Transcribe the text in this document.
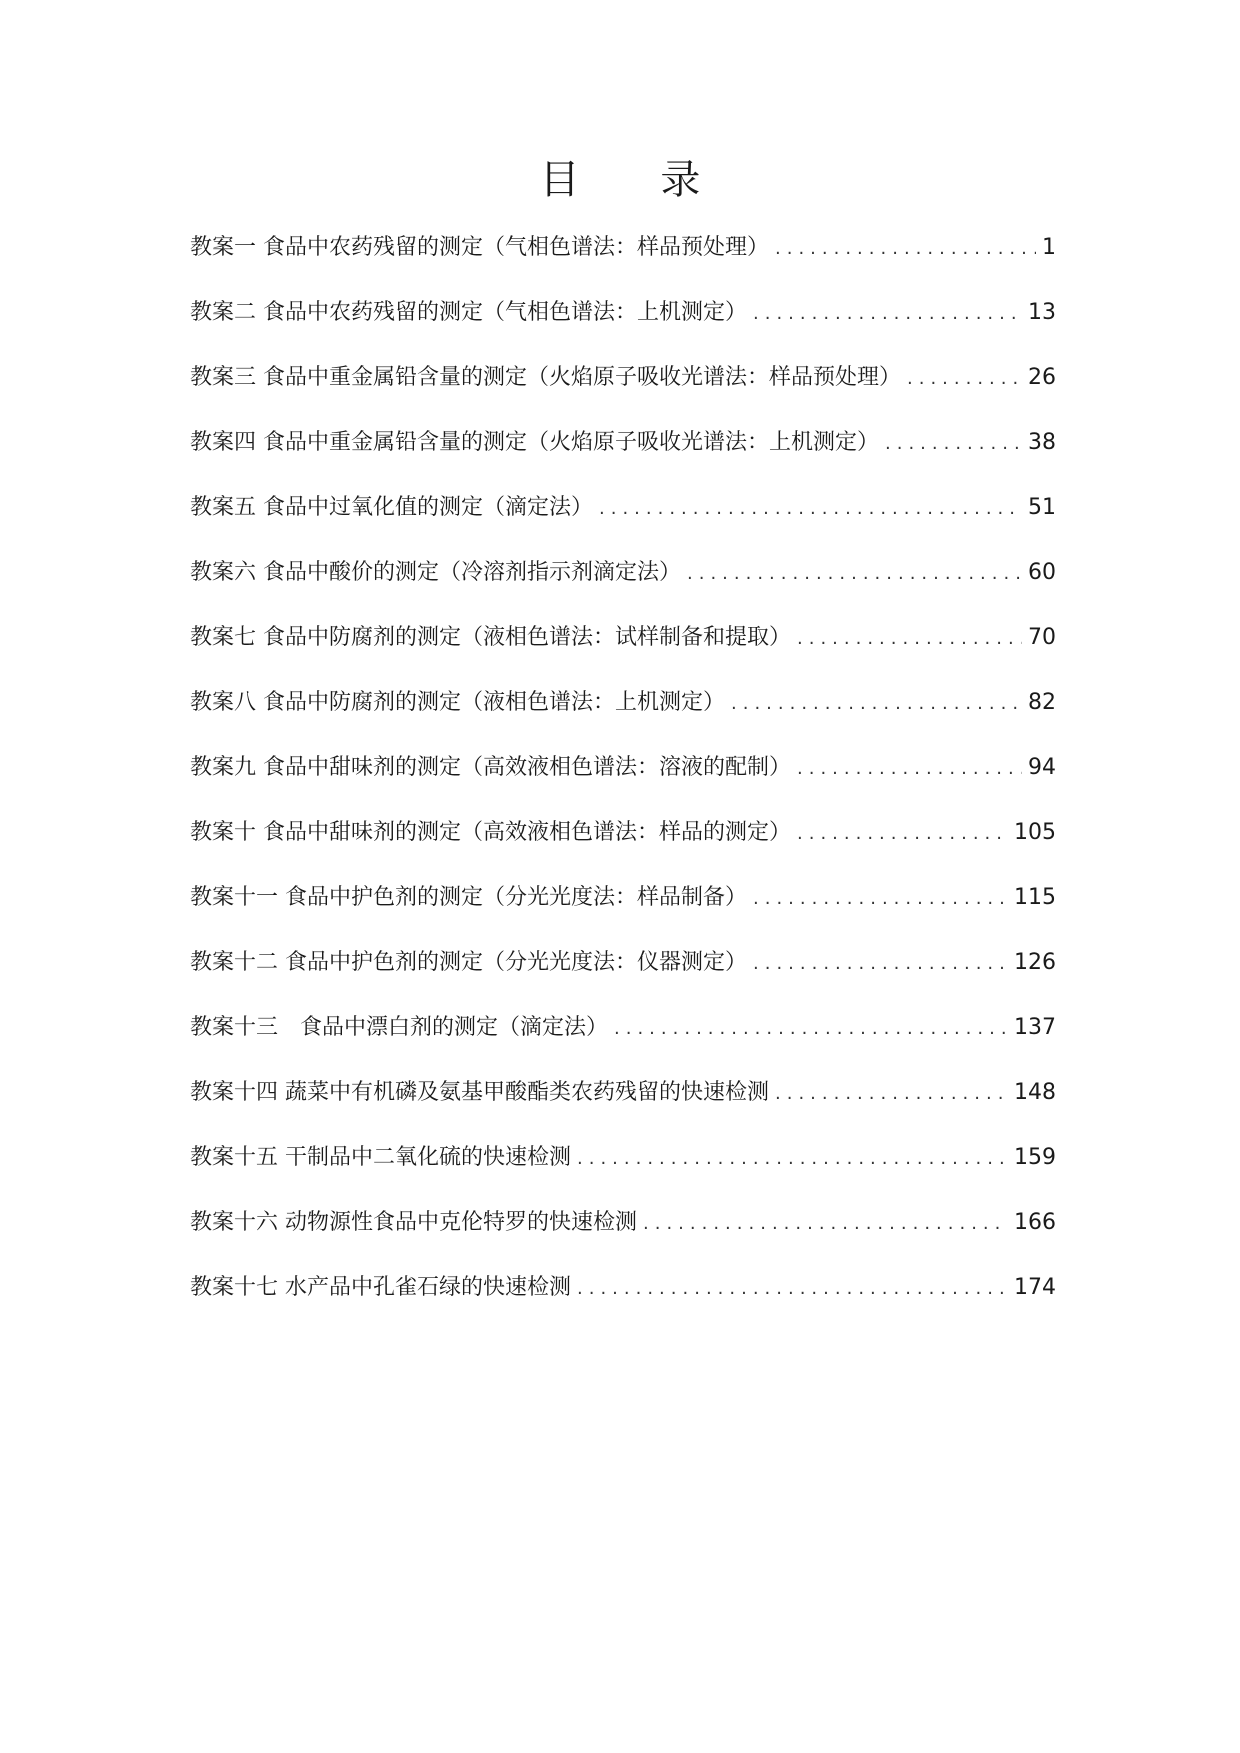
目 录
教案一 食品中农药残留的测定（气相色谱法：样品预处理） .....	1
教案二 食品中农药残留的测定（气相色谱法：上机测定） .....	13
教案三 食品中重金属铅含量的测定（火焰原子吸收光谱法：样品预处理） .....	26
教案四 食品中重金属铅含量的测定（火焰原子吸收光谱法：上机测定） .....	38
教案五 食品中过氧化值的测定（滴定法） .....	51
教案六 食品中酸价的测定（冷溶剂指示剂滴定法） .....	60
教案七 食品中防腐剂的测定（液相色谱法：试样制备和提取） .....	70
教案八 食品中防腐剂的测定（液相色谱法：上机测定） .....	82
教案九 食品中甜味剂的测定（高效液相色谱法：溶液的配制） .....	94
教案十 食品中甜味剂的测定（高效液相色谱法：样品的测定） .....	105
教案十一 食品中护色剂的测定（分光光度法：样品制备） .....	115
教案十二 食品中护色剂的测定（分光光度法：仪器测定） .....	126
教案十三　食品中漂白剂的测定（滴定法） .....	137
教案十四 蔬菜中有机磷及氨基甲酸酯类农药残留的快速检测 .....	148
教案十五 干制品中二氧化硫的快速检测 .....	159
教案十六 动物源性食品中克伦特罗的快速检测 .....	166
教案十七 水产品中孔雀石绿的快速检测 .....	174
